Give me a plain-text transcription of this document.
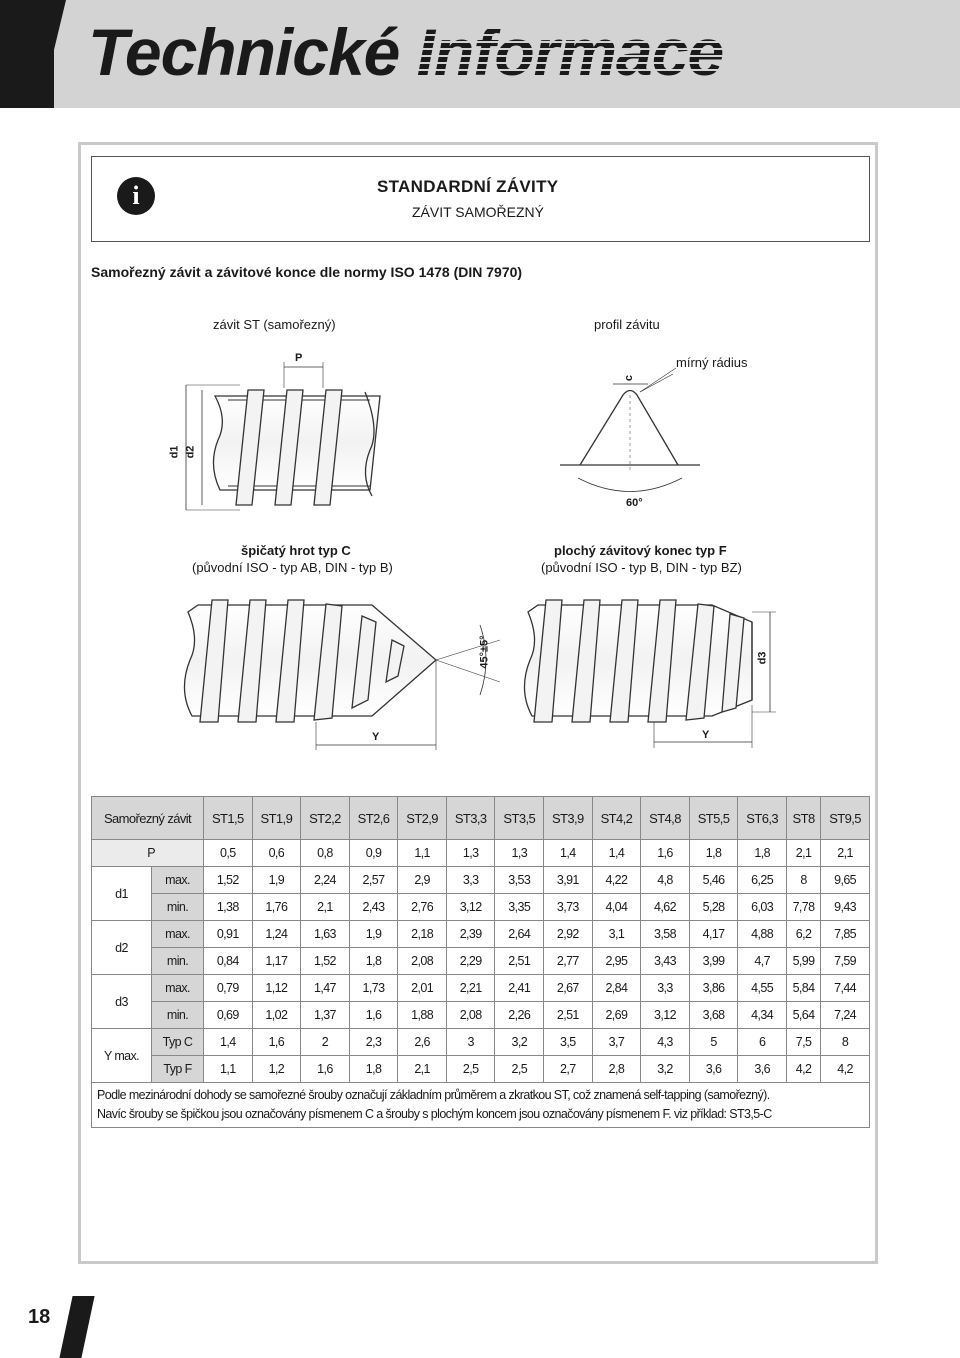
Technické Informace
i	STANDARDNÍ ZÁVITY
ZÁVIT SAMOŘEZNÝ
Samořezný závit a závitové konce dle normy ISO 1478 (DIN 7970)
závit ST (samořezný)	profil závitu
mírný rádius
60°
P
d1 d2
c
špičatý hrot typ C
(původní ISO - typ AB, DIN - typ B)
plochý závitový konec typ F
(původní ISO - typ B, DIN - typ BZ)
45°±5°
Y	Y
d3
Samořezný závit		ST1,5	ST1,9	ST2,2	ST2,6	ST2,9	ST3,3	ST3,5	ST3,9	ST4,2	ST4,8	ST5,5	ST6,3	ST8	ST9,5
P		0,5	0,6	0,8	0,9	1,1	1,3	1,3	1,4	1,4	1,6	1,8	1,8	2,1	2,1
d1	max.	1,52	1,9	2,24	2,57	2,9	3,3	3,53	3,91	4,22	4,8	5,46	6,25	8	9,65
	min.	1,38	1,76	2,1	2,43	2,76	3,12	3,35	3,73	4,04	4,62	5,28	6,03	7,78	9,43
d2	max.	0,91	1,24	1,63	1,9	2,18	2,39	2,64	2,92	3,1	3,58	4,17	4,88	6,2	7,85
	min.	0,84	1,17	1,52	1,8	2,08	2,29	2,51	2,77	2,95	3,43	3,99	4,7	5,99	7,59
d3	max.	0,79	1,12	1,47	1,73	2,01	2,21	2,41	2,67	2,84	3,3	3,86	4,55	5,84	7,44
	min.	0,69	1,02	1,37	1,6	1,88	2,08	2,26	2,51	2,69	3,12	3,68	4,34	5,64	7,24
Y max.	Typ C	1,4	1,6	2	2,3	2,6	3	3,2	3,5	3,7	4,3	5	6	7,5	8
	Typ F	1,1	1,2	1,6	1,8	2,1	2,5	2,5	2,7	2,8	3,2	3,6	3,6	4,2	4,2

Podle mezinárodní dohody se samořezné šrouby označují základním průměrem a zkratkou ST, což znamená self-tapping (samořezný).
Navíc šrouby se špičkou jsou označovány písmenem C a šrouby s plochým koncem jsou označovány písmenem F. viz příklad: ST3,5-C															
18
